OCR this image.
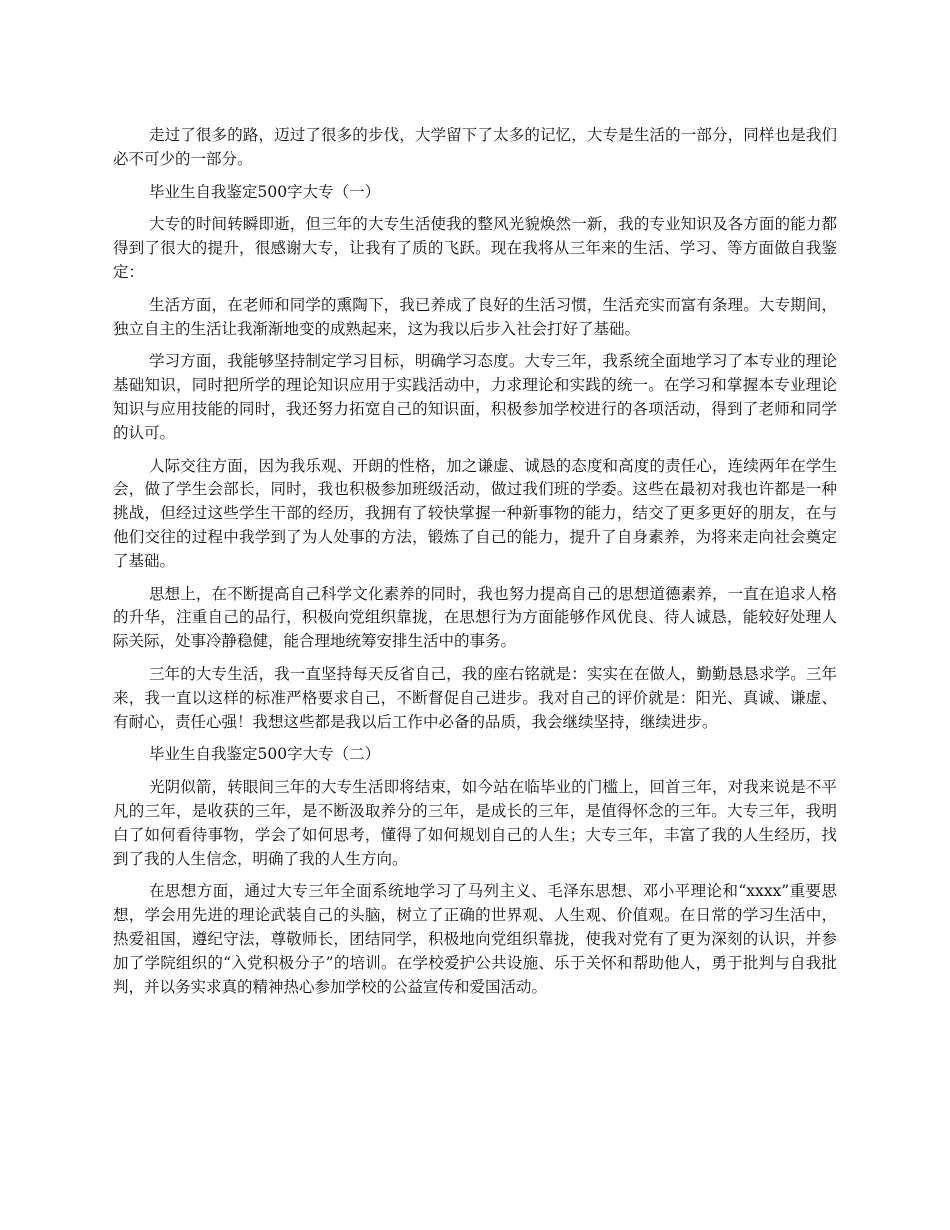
走过了很多的路，迈过了很多的步伐，大学留下了太多的记忆，大专是生活的一部分，同样也是我们必不可少的一部分。

毕业生自我鉴定500字大专（一）

大专的时间转瞬即逝，但三年的大专生活使我的整风光貌焕然一新，我的专业知识及各方面的能力都得到了很大的提升，很感谢大专，让我有了质的飞跃。现在我将从三年来的生活、学习、等方面做自我鉴定：

生活方面，在老师和同学的熏陶下，我已养成了良好的生活习惯，生活充实而富有条理。大专期间，独立自主的生活让我渐渐地变的成熟起来，这为我以后步入社会打好了基础。

学习方面，我能够坚持制定学习目标，明确学习态度。大专三年，我系统全面地学习了本专业的理论基础知识，同时把所学的理论知识应用于实践活动中，力求理论和实践的统一。在学习和掌握本专业理论知识与应用技能的同时，我还努力拓宽自己的知识面，积极参加学校进行的各项活动，得到了老师和同学的认可。

人际交往方面，因为我乐观、开朗的性格，加之谦虚、诚恳的态度和高度的责任心，连续两年在学生会，做了学生会部长，同时，我也积极参加班级活动，做过我们班的学委。这些在最初对我也许都是一种挑战，但经过这些学生干部的经历，我拥有了较快掌握一种新事物的能力，结交了更多更好的朋友，在与他们交往的过程中我学到了为人处事的方法，锻炼了自己的能力，提升了自身素养，为将来走向社会奠定了基础。

思想上，在不断提高自己科学文化素养的同时，我也努力提高自己的思想道德素养，一直在追求人格的升华，注重自己的品行，积极向党组织靠拢，在思想行为方面能够作风优良、待人诚恳，能较好处理人际关际，处事冷静稳健，能合理地统筹安排生活中的事务。

三年的大专生活，我一直坚持每天反省自己，我的座右铭就是：实实在在做人，勤勤恳恳求学。三年来，我一直以这样的标准严格要求自己，不断督促自己进步。我对自己的评价就是：阳光、真诚、谦虚、有耐心，责任心强！我想这些都是我以后工作中必备的品质，我会继续坚持，继续进步。

毕业生自我鉴定500字大专（二）

光阴似箭，转眼间三年的大专生活即将结束，如今站在临毕业的门槛上，回首三年，对我来说是不平凡的三年，是收获的三年，是不断汲取养分的三年，是成长的三年，是值得怀念的三年。大专三年，我明白了如何看待事物，学会了如何思考，懂得了如何规划自己的人生；大专三年，丰富了我的人生经历，找到了我的人生信念，明确了我的人生方向。

在思想方面，通过大专三年全面系统地学习了马列主义、毛泽东思想、邓小平理论和“xxxx”重要思想，学会用先进的理论武装自己的头脑，树立了正确的世界观、人生观、价值观。在日常的学习生活中，热爱祖国，遵纪守法，尊敬师长，团结同学，积极地向党组织靠拢，使我对党有了更为深刻的认识，并参加了学院组织的“入党积极分子”的培训。在学校爱护公共设施、乐于关怀和帮助他人，勇于批判与自我批判，并以务实求真的精神热心参加学校的公益宣传和爱国活动。
